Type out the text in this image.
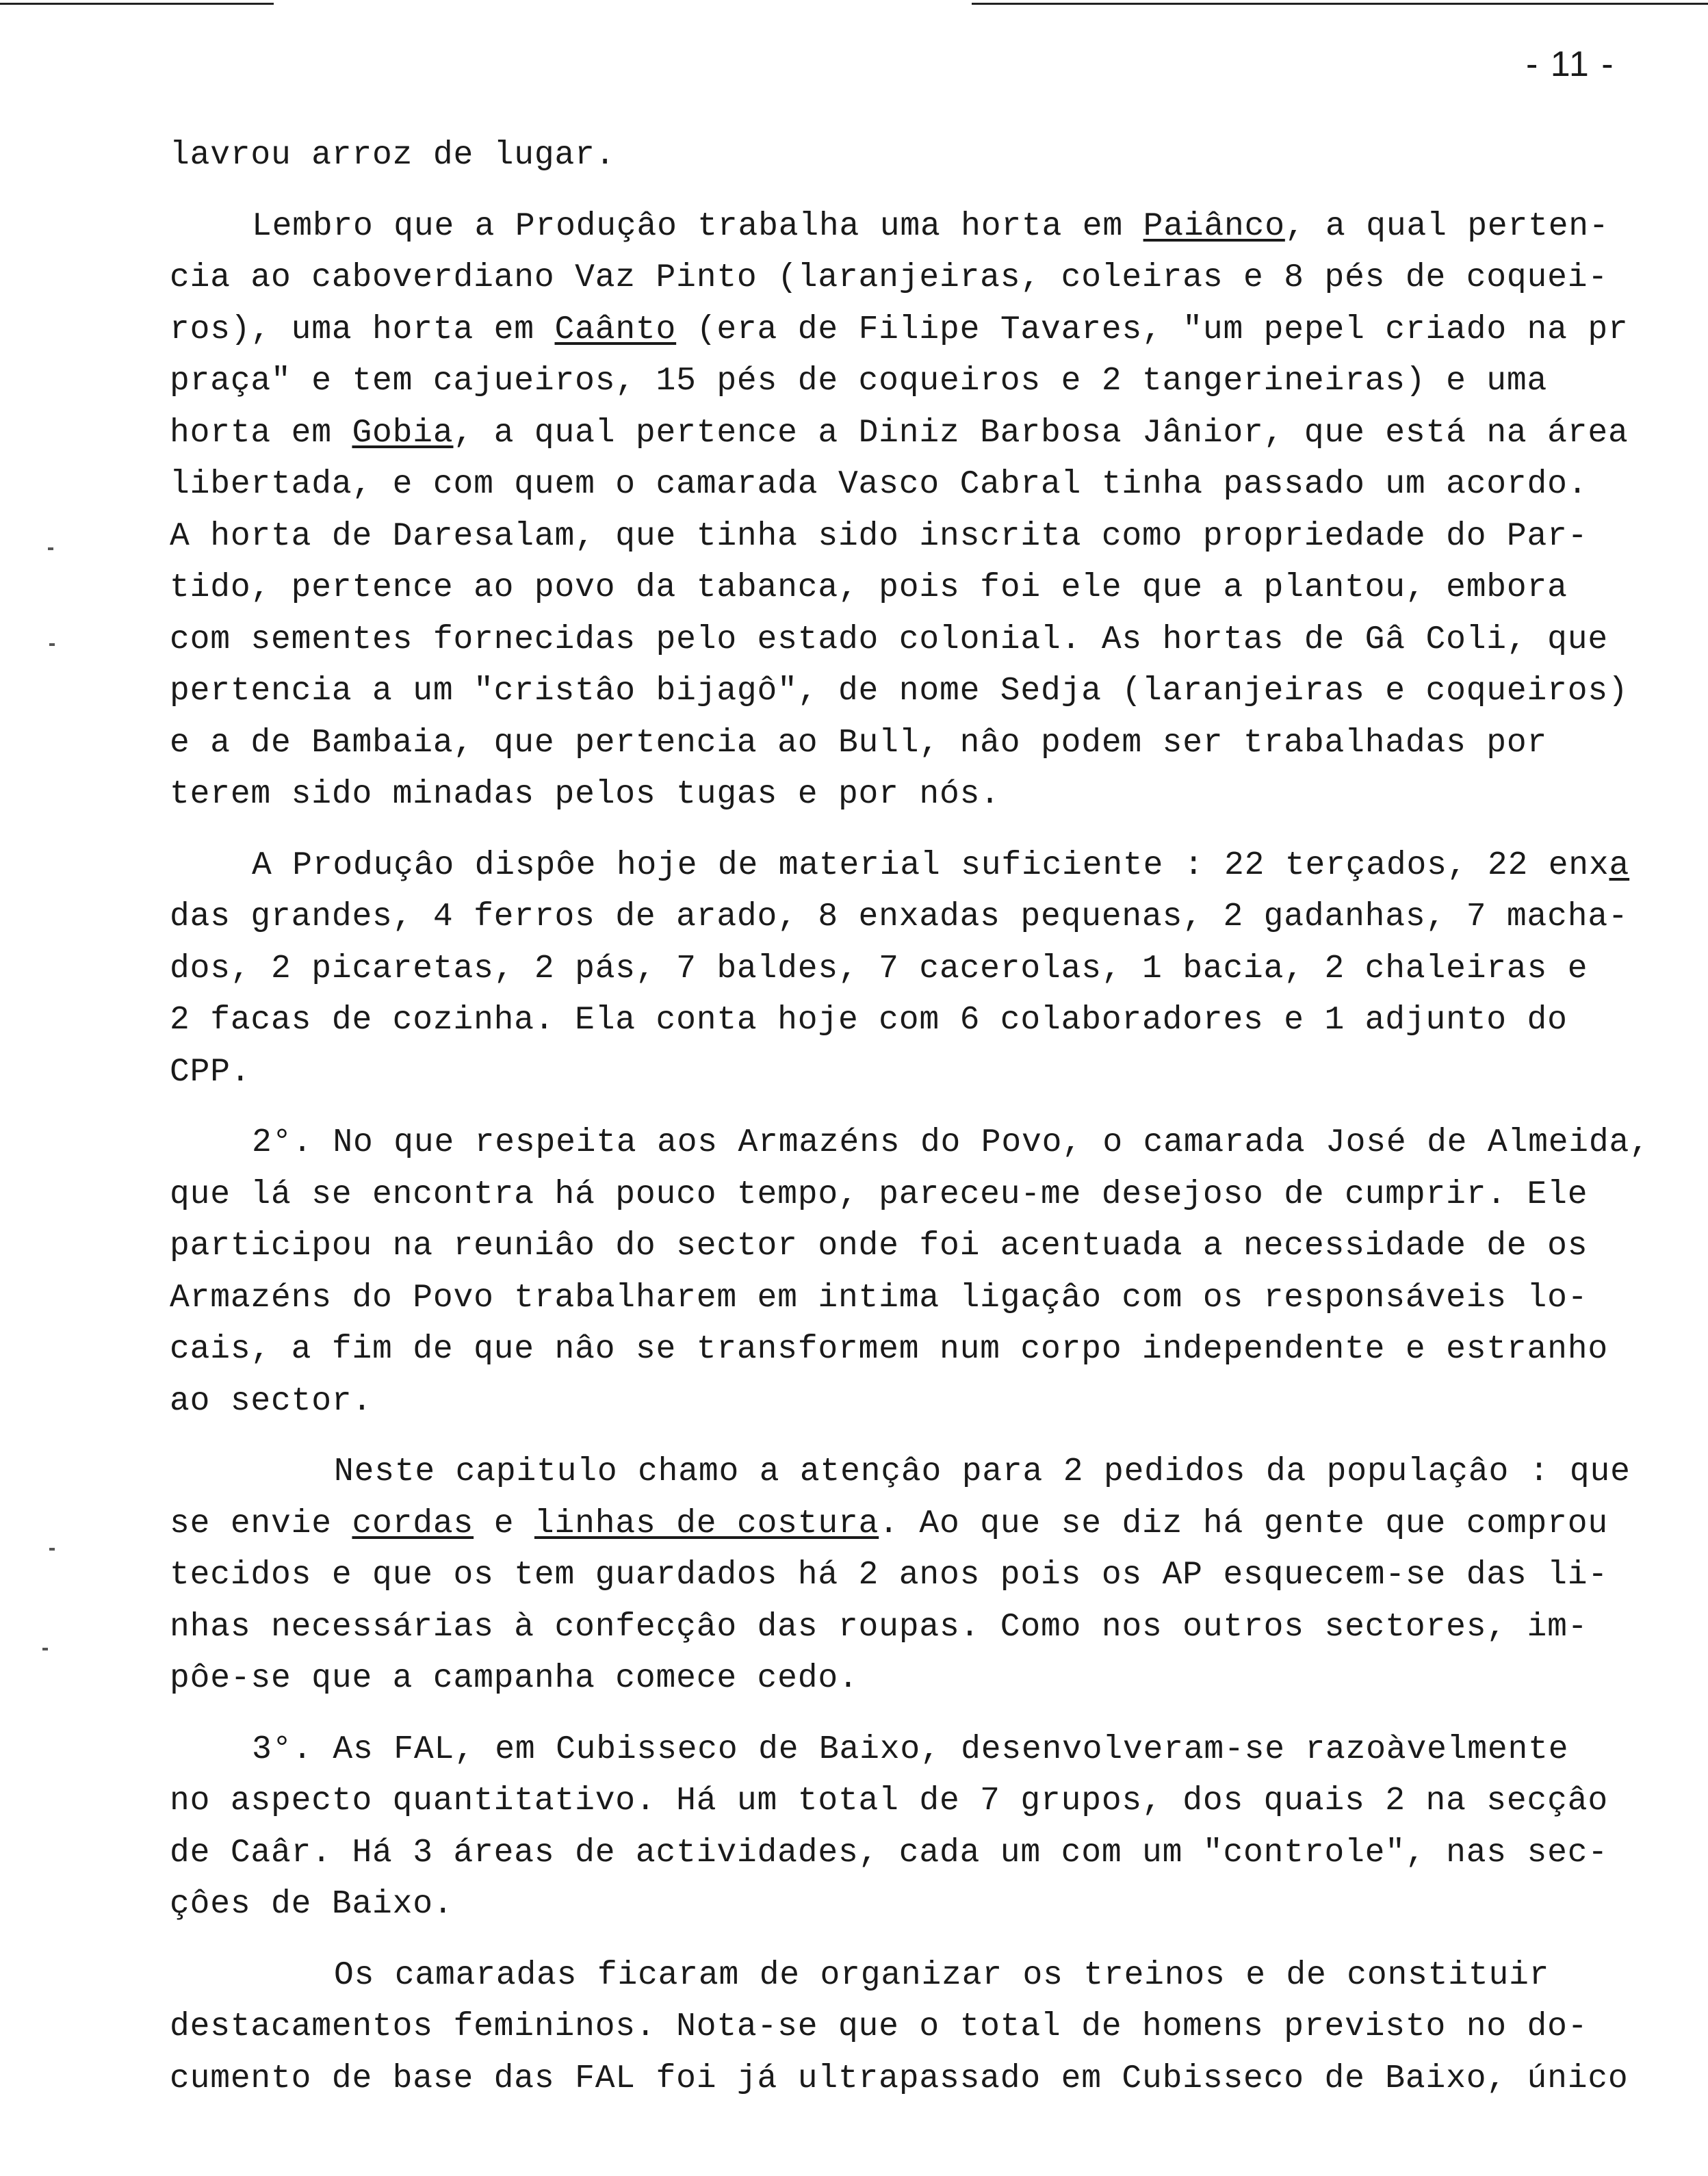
- 11 -
lavrou arroz de lugar.
Lembro que a Produçâo trabalha uma horta em Paiânco, a qual perten-
cia ao caboverdiano Vaz Pinto (laranjeiras, coleiras e 8 pés de coquei-
ros), uma horta em Caânto (era de Filipe Tavares, "um pepel criado na pr
praça" e tem cajueiros, 15 pés de coqueiros e 2 tangerineiras) e uma
horta em Gobia, a qual pertence a Diniz Barbosa Jânior, que está na área
libertada, e com quem o camarada Vasco Cabral tinha passado um acordo.
A horta de Daresalam, que tinha sido inscrita como propriedade do Par-
tido, pertence ao povo da tabanca, pois foi ele que a plantou, embora
com sementes fornecidas pelo estado colonial. As hortas de Gâ Coli, que
pertencia a um "cristâo bijagô", de nome Sedja (laranjeiras e coqueiros)
e a de Bambaia, que pertencia ao Bull, nâo podem ser trabalhadas por
terem sido minadas pelos tugas e por nós.
A Produçâo dispôe hoje de material suficiente : 22 terçados, 22 enxa
das grandes, 4 ferros de arado, 8 enxadas pequenas, 2 gadanhas, 7 macha-
dos, 2 picaretas, 2 pás, 7 baldes, 7 cacerolas, 1 bacia, 2 chaleiras e
2 facas de cozinha. Ela conta hoje com 6 colaboradores e 1 adjunto do
CPP.
2°. No que respeita aos Armazéns do Povo, o camarada José de Almeida,
que lá se encontra há pouco tempo, pareceu-me desejoso de cumprir. Ele
participou na reuniâo do sector onde foi acentuada a necessidade de os
Armazéns do Povo trabalharem em intima ligaçâo com os responsáveis lo-
cais, a fim de que nâo se transformem num corpo independente e estranho
ao sector.
Neste capitulo chamo a atençâo para 2 pedidos da populaçâo : que
se envie cordas e linhas de costura. Ao que se diz há gente que comprou
tecidos e que os tem guardados há 2 anos pois os AP esquecem-se das li-
nhas necessárias à confecçâo das roupas. Como nos outros sectores, im-
pôe-se que a campanha comece cedo.
3°. As FAL, em Cubisseco de Baixo, desenvolveram-se razoàvelmente
no aspecto quantitativo. Há um total de 7 grupos, dos quais 2 na secçâo
de Caâr. Há 3 áreas de actividades, cada um com um "controle", nas sec-
çôes de Baixo.
Os camaradas ficaram de organizar os treinos e de constituir
destacamentos femininos. Nota-se que o total de homens previsto no do-
cumento de base das FAL foi já ultrapassado em Cubisseco de Baixo, único
